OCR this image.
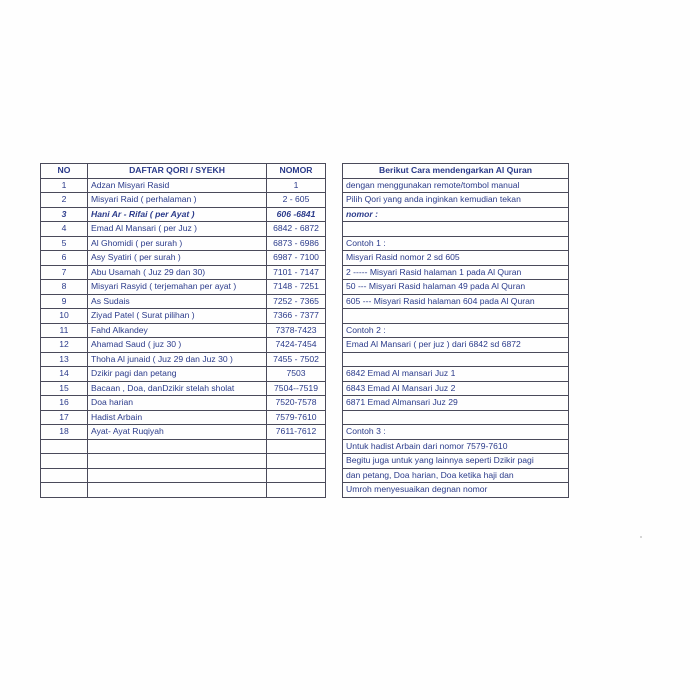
NO	DAFTAR QORI / SYEKH	NOMOR
1	Adzan Misyari Rasid	1
2	Misyari Raid ( perhalaman )	2 - 605
3	Hani Ar - Rifai ( per Ayat )	606 -6841
4	Emad Al Mansari ( per Juz )	6842 - 6872
5	Al Ghomidi ( per surah )	6873 - 6986
6	Asy Syatiri ( per surah )	6987 - 7100
7	Abu Usamah ( Juz 29 dan 30)	7101 - 7147
8	Misyari Rasyid ( terjemahan per ayat )	7148 - 7251
9	As Sudais	7252 - 7365
10	Ziyad Patel ( Surat pilihan )	7366 - 7377
11	Fahd Alkandey	7378-7423
12	Ahamad Saud ( juz 30 )	7424-7454
13	Thoha Al junaid ( Juz 29 dan Juz 30 )	7455 - 7502
14	Dzikir pagi dan petang	7503
15	Bacaan , Doa, danDzikir stelah sholat	7504--7519
16	Doa harian	7520-7578
17	Hadist Arbain	7579-7610
18	Ayat- Ayat Ruqiyah	7611-7612

Berikut Cara mendengarkan Al Quran
dengan menggunakan remote/tombol manual
Pilih Qori yang anda inginkan kemudian tekan
nomor :

Contoh 1 :
Misyari Rasid nomor 2 sd 605
2 ----- Misyari Rasid halaman 1 pada Al Quran
50 --- Misyari Rasid halaman 49 pada Al Quran
605 --- Misyari Rasid halaman 604 pada Al Quran

Contoh 2 :
Emad Al Mansari ( per juz ) dari 6842 sd 6872

6842 Emad Al mansari Juz 1
6843 Emad Al Mansari Juz 2
6871 Emad Almansari Juz 29

Contoh 3 :
Untuk hadist Arbain dari nomor 7579-7610
Begitu juga untuk yang lainnya seperti Dzikir pagi
dan petang, Doa harian, Doa ketika haji dan
Umroh menyesuaikan degnan nomor
